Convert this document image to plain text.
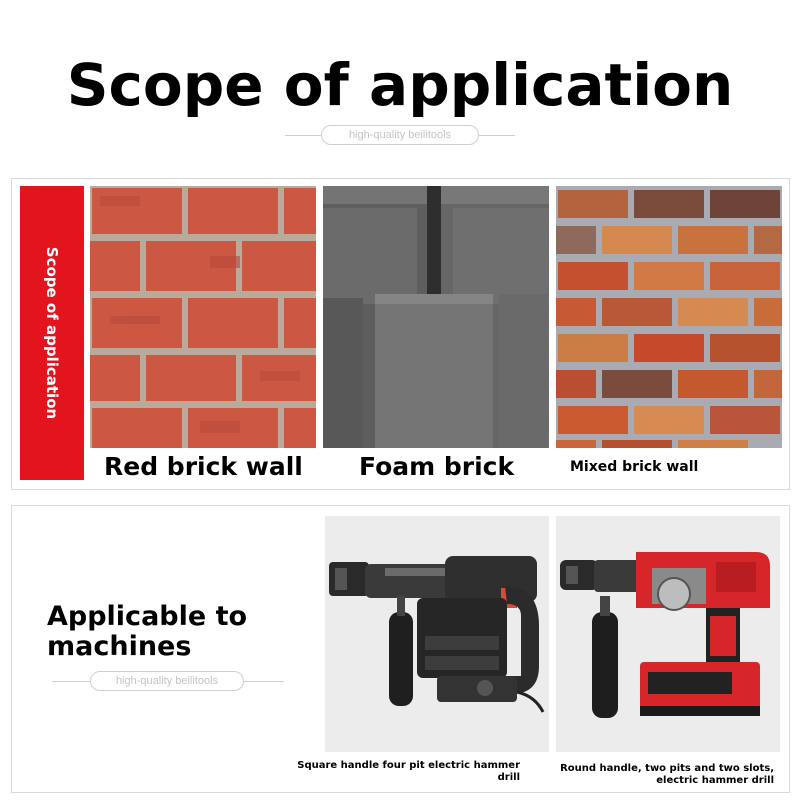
Scope of application
high-quality beilitools
Scope of application
Red brick wall Foam brick	Mixed brick wall
Applicable to machines
high-quality beilitools
Square handle four pit electric hammer drill
Round handle, two pits and two slots, electric hammer drill
